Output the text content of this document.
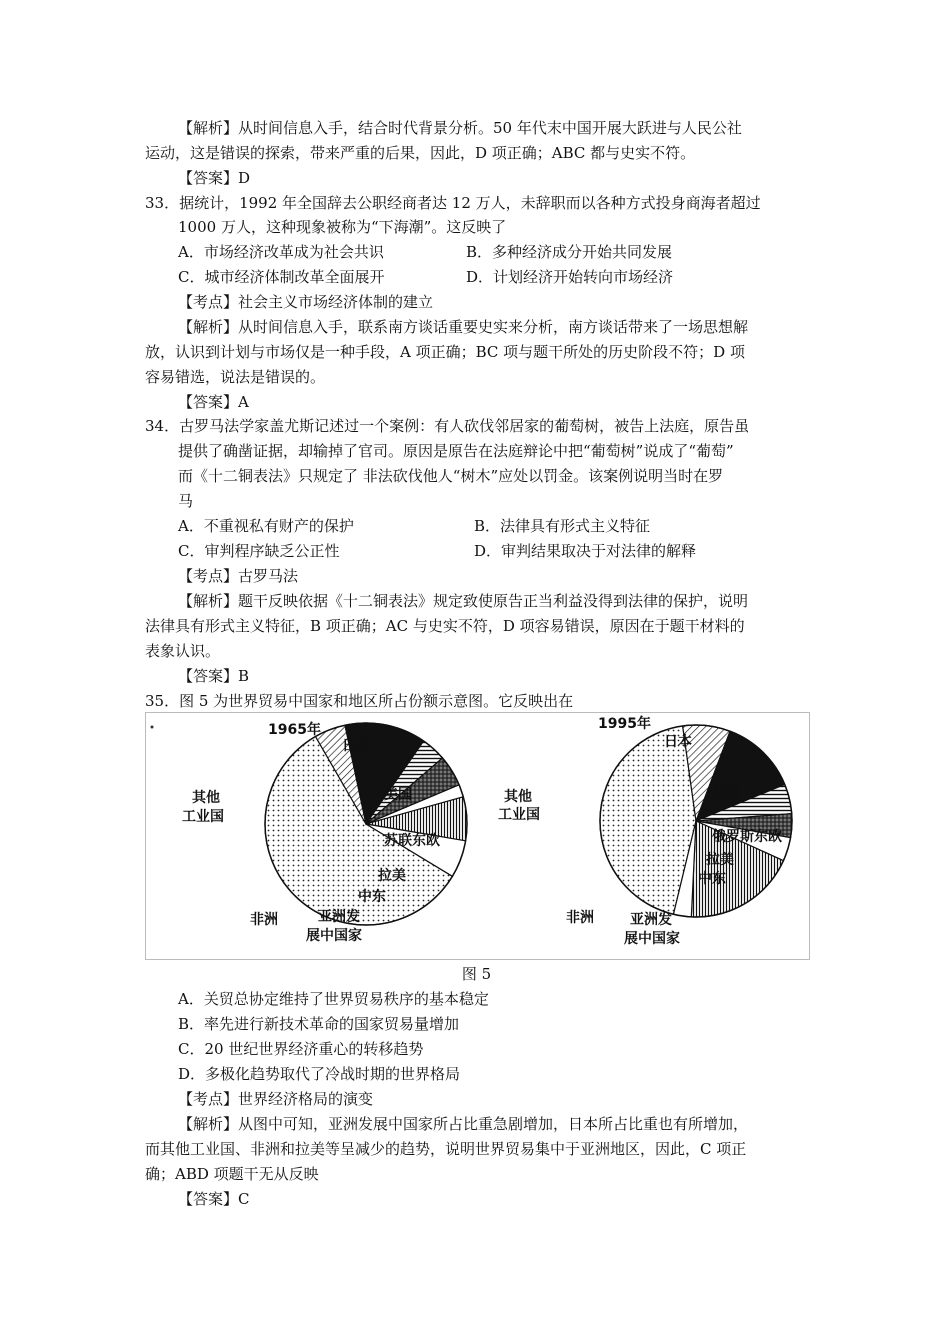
【解析】从时间信息入手，结合时代背景分析。50 年代末中国开展大跃进与人民公社
运动，这是错误的探索，带来严重的后果，因此，D 项正确；ABC 都与史实不符。
【答案】D
33．据统计，1992 年全国辞去公职经商者达 12 万人，未辞职而以各种方式投身商海者超过
1000 万人，这种现象被称为“下海潮”。这反映了
A．市场经济改革成为社会共识	B．多种经济成分开始共同发展
C．城市经济体制改革全面展开	D．计划经济开始转向市场经济
【考点】社会主义市场经济体制的建立
【解析】从时间信息入手，联系南方谈话重要史实来分析，南方谈话带来了一场思想解
放，认识到计划与市场仅是一种手段，A 项正确；BC 项与题干所处的历史阶段不符；D 项
容易错选，说法是错误的。
【答案】A
34．古罗马法学家盖尤斯记述过一个案例：有人砍伐邻居家的葡萄树，被告上法庭，原告虽
提供了确凿证据，却输掉了官司。原因是原告在法庭辩论中把“葡萄树”说成了“葡萄”
而《十二铜表法》只规定了 非法砍伐他人“树木”应处以罚金。该案例说明当时在罗
马
A．不重视私有财产的保护	B．法律具有形式主义特征
C．审判程序缺乏公正性	D．审判结果取决于对法律的解释
【考点】古罗马法
【解析】题干反映依据《十二铜表法》规定致使原告正当利益没得到法律的保护，说明
法律具有形式主义特征，B 项正确；AC 与史实不符，D 项容易错误，原因在于题干材料的
表象认识。
【答案】B
35．图 5 为世界贸易中国家和地区所占份额示意图。它反映出在
1965年
其他
工业国
日本
美国
苏联东欧
拉美
中东
亚洲发
展中国家
非洲
1995年
其他
工业国
日本
美国
俄罗斯东欧
拉美
中东
亚洲发
展中国家
非洲
图 5
A．关贸总协定维持了世界贸易秩序的基本稳定
B．率先进行新技术革命的国家贸易量增加
C．20 世纪世界经济重心的转移趋势
D．多极化趋势取代了冷战时期的世界格局
【考点】世界经济格局的演变
【解析】从图中可知，亚洲发展中国家所占比重急剧增加，日本所占比重也有所增加，
而其他工业国、非洲和拉美等呈减少的趋势，说明世界贸易集中于亚洲地区，因此，C 项正
确；ABD 项题干无从反映
【答案】C
